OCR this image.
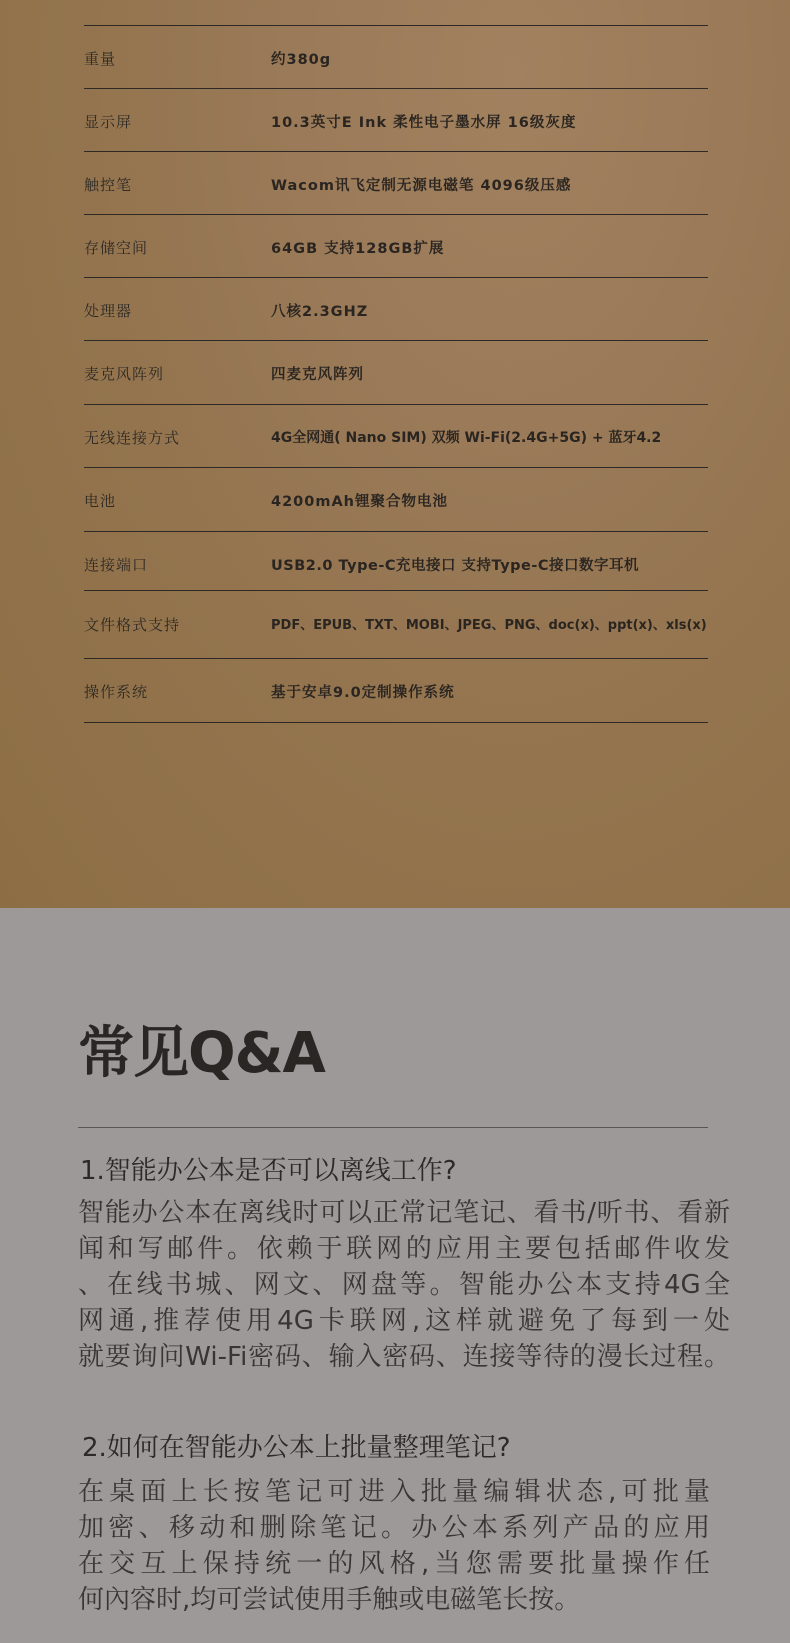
重量	约380g
显示屏	10.3英寸E Ink 柔性电子墨水屏 16级灰度
触控笔	Wacom讯飞定制无源电磁笔 4096级压感
存储空间	64GB 支持128GB扩展
处理器	八核2.3GHZ
麦克风阵列	四麦克风阵列
无线连接方式	4G全网通( Nano SIM) 双频 Wi-Fi(2.4G+5G) + 蓝牙4.2
电池	4200mAh锂聚合物电池
连接端口	USB2.0 Type-C充电接口 支持Type-C接口数字耳机
文件格式支持	PDF、EPUB、TXT、MOBI、JPEG、PNG、doc(x)、ppt(x)、xls(x)
操作系统	基于安卓9.0定制操作系统
常见Q&A
1.智能办公本是否可以离线工作?
智能办公本在离线时可以正常记笔记、看书/听书、看新
闻和写邮件。依赖于联网的应用主要包括邮件收发
、在线书城、网文、网盘等。智能办公本支持4G全
网通,推荐使用4G卡联网,这样就避免了每到一处
就要询问Wi-Fi密码、输入密码、连接等待的漫长过程。
2.如何在智能办公本上批量整理笔记?
在桌面上长按笔记可进入批量编辑状态,可批量
加密、移动和删除笔记。办公本系列产品的应用
在交互上保持统一的风格,当您需要批量操作任
何內容时,均可尝试使用手触或电磁笔长按。
